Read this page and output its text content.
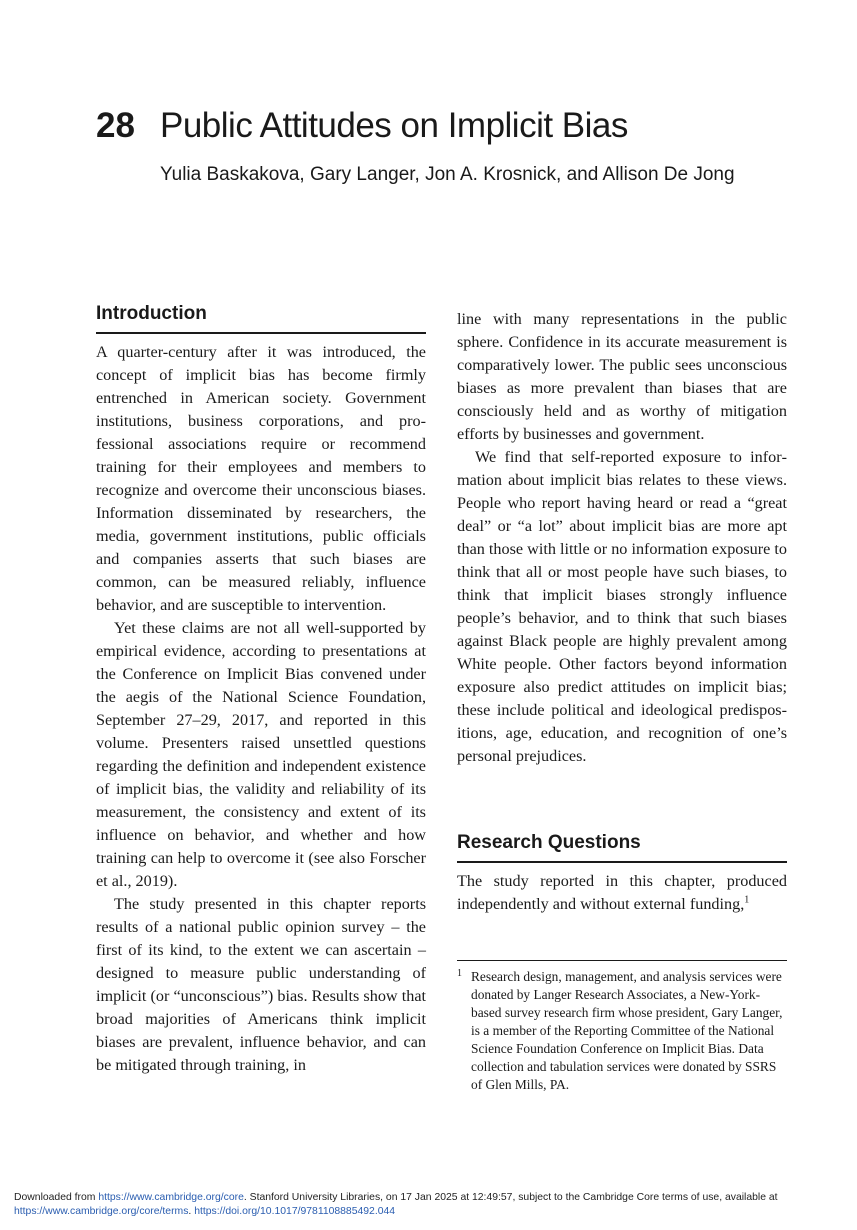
28 Public Attitudes on Implicit Bias
Yulia Baskakova, Gary Langer, Jon A. Krosnick, and Allison De Jong
Introduction

A quarter-century after it was introduced, the concept of implicit bias has become firmly entrenched in American society. Government institutions, business corporations, and professional associations require or recommend training for their employees and members to recognize and overcome their unconscious biases. Information disseminated by researchers, the media, government institutions, public officials and companies asserts that such biases are common, can be measured reliably, influence behavior, and are susceptible to intervention.

Yet these claims are not all well-supported by empirical evidence, according to presentations at the Conference on Implicit Bias convened under the aegis of the National Science Foundation, September 27–29, 2017, and reported in this volume. Presenters raised unsettled questions regarding the definition and independent existence of implicit bias, the validity and reliability of its measurement, the consistency and extent of its influence on behavior, and whether and how training can help to overcome it (see also Forscher et al., 2019).

The study presented in this chapter reports results of a national public opinion survey – the first of its kind, to the extent we can ascertain – designed to measure public understanding of implicit (or “unconscious”) bias. Results show that broad majorities of Americans think implicit biases are prevalent, influence behavior, and can be mitigated through training, in

line with many representations in the public sphere. Confidence in its accurate measurement is comparatively lower. The public sees unconscious biases as more prevalent than biases that are consciously held and as worthy of mitigation efforts by businesses and government.

We find that self-reported exposure to information about implicit bias relates to these views. People who report having heard or read a “great deal” or “a lot” about implicit bias are more apt than those with little or no information exposure to think that all or most people have such biases, to think that implicit biases strongly influence people’s behavior, and to think that such biases against Black people are highly prevalent among White people. Other factors beyond information exposure also predict attitudes on implicit bias; these include political and ideological predispositions, age, education, and recognition of one’s personal prejudices.

Research Questions

The study reported in this chapter, produced independently and without external funding,$^1$

1 Research design, management, and analysis services were donated by Langer Research Associates, a New-York-based survey research firm whose president, Gary Langer, is a member of the Reporting Committee of the National Science Foundation Conference on Implicit Bias. Data collection and tabulation services were donated by SSRS of Glen Mills, PA.
Downloaded from https://www.cambridge.org/core. Stanford University Libraries, on 17 Jan 2025 at 12:49:57, subject to the Cambridge Core terms of use, available at
https://www.cambridge.org/core/terms. https://doi.org/10.1017/9781108885492.044
